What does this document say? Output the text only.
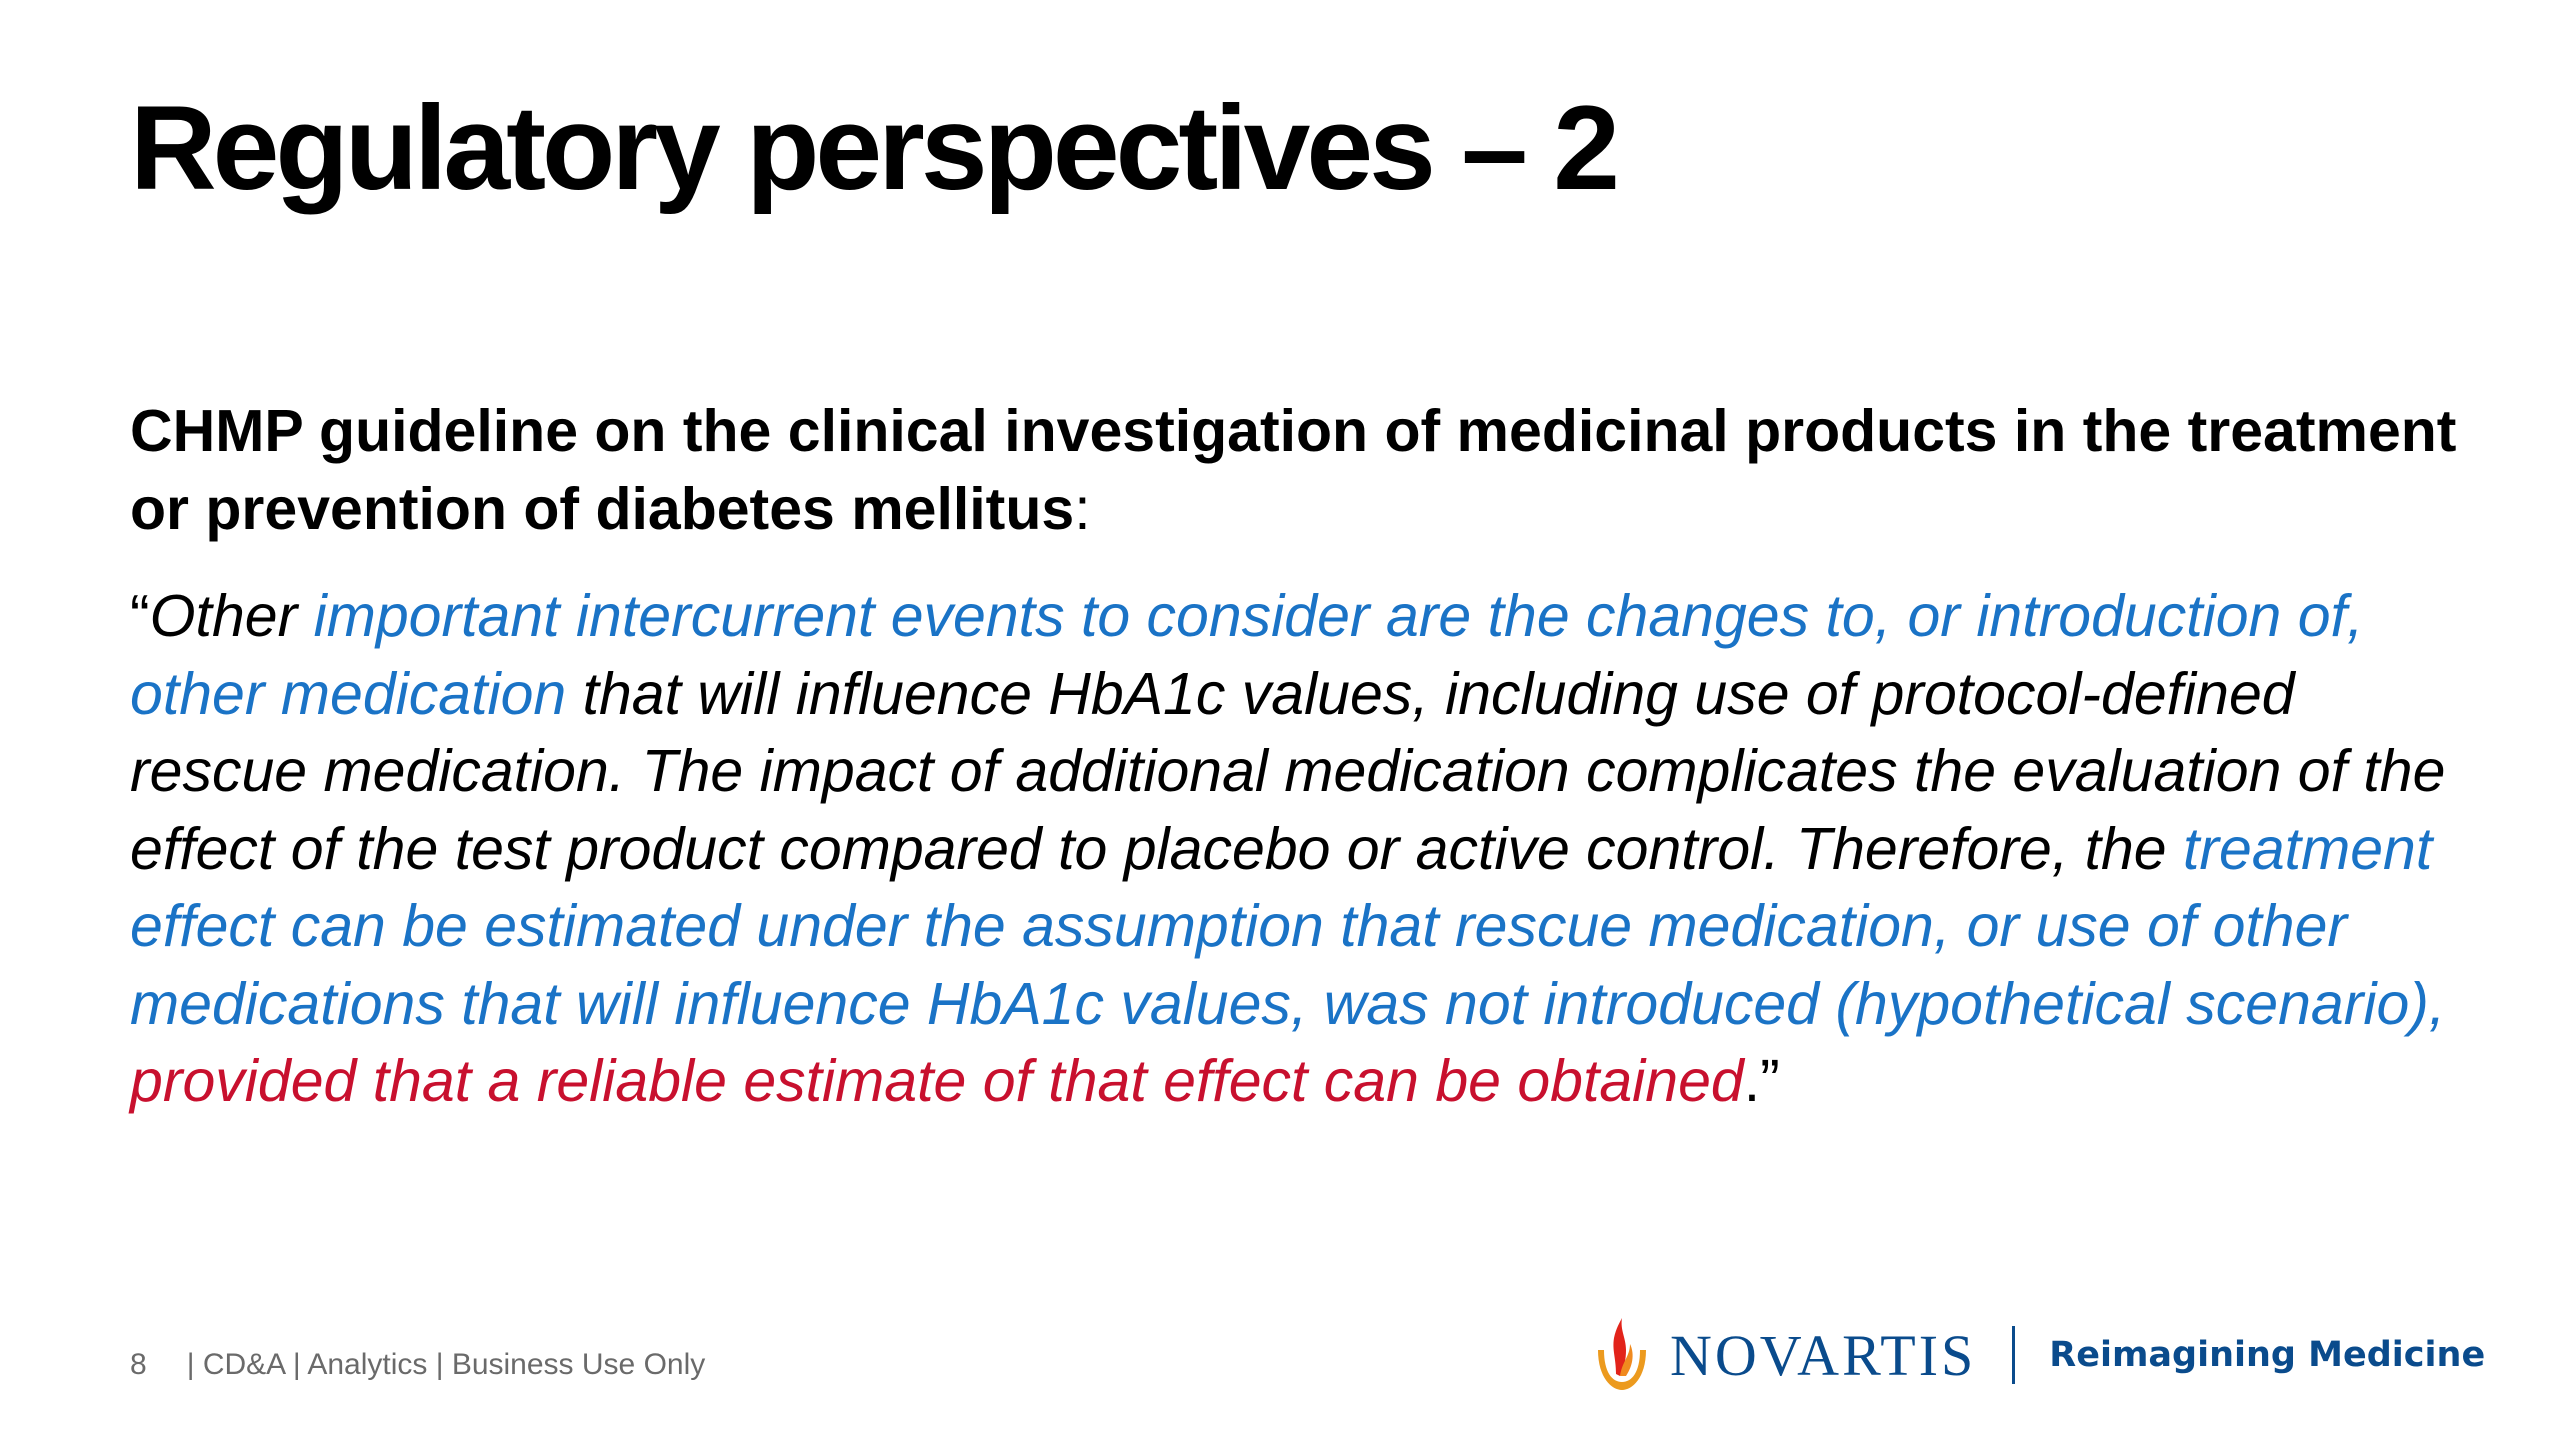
Regulatory perspectives – 2

CHMP guideline on the clinical investigation of medicinal products in the treatment or prevention of diabetes mellitus:

“Other important intercurrent events to consider are the changes to, or introduction of, other medication that will influence HbA1c values, including use of protocol-defined rescue medication. The impact of additional medication complicates the evaluation of the effect of the test product compared to placebo or active control. Therefore, the treatment effect can be estimated under the assumption that rescue medication, or use of other medications that will influence HbA1c values, was not introduced (hypothetical scenario), provided that a reliable estimate of that effect can be obtained.”

8 | CD&A | Analytics | Business Use Only	NOVARTIS Reimagining Medicine
